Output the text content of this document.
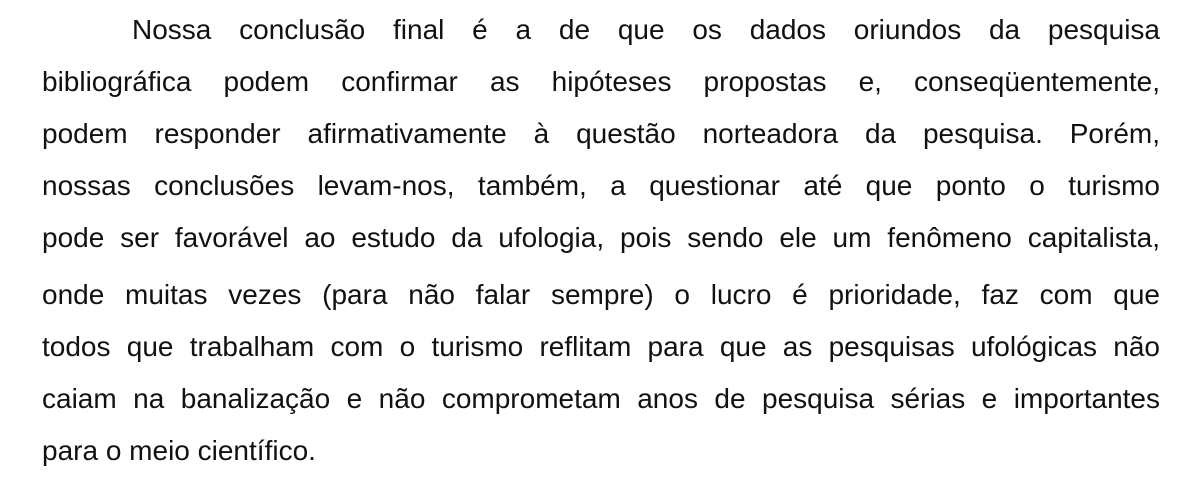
Nossa conclusão final é a de que os dados oriundos da pesquisa
bibliográfica podem confirmar as hipóteses propostas e, conseqüentemente,
podem responder afirmativamente à questão norteadora da pesquisa. Porém,
nossas conclusões levam-nos, também, a questionar até que ponto o turismo
pode ser favorável ao estudo da ufologia, pois sendo ele um fenômeno capitalista,
onde muitas vezes (para não falar sempre) o lucro é prioridade, faz com que
todos que trabalham com o turismo reflitam para que as pesquisas ufológicas não
caiam na banalização e não comprometam anos de pesquisa sérias e importantes
para o meio científico.
